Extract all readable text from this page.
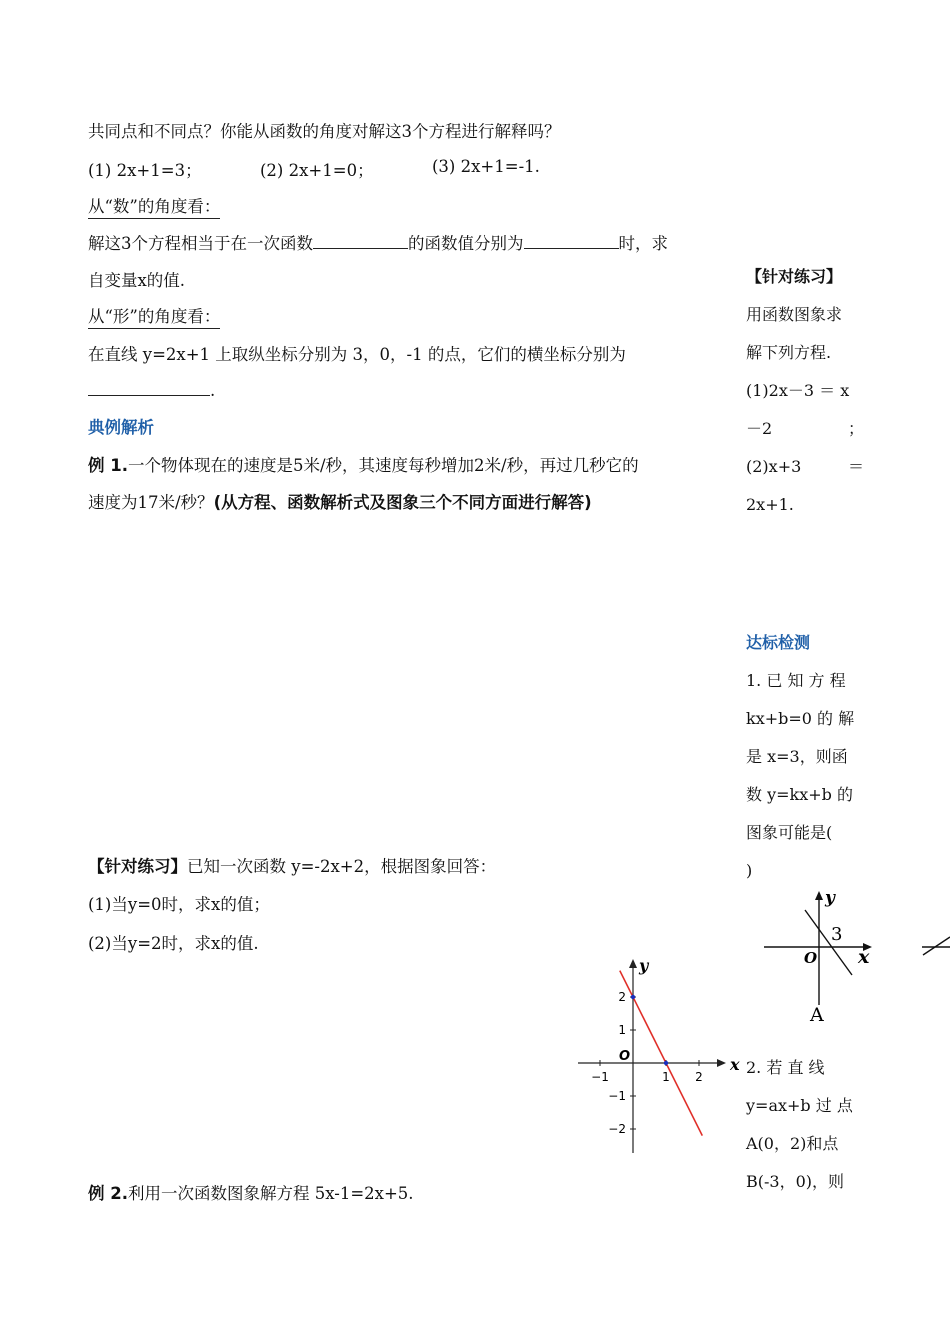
共同点和不同点？你能从函数的角度对解这3个方程进行解释吗？
(1) 2x+1=3；	(2) 2x+1=0；	(3) 2x+1=-1.
从“数”的角度看：
解这3个方程相当于在一次函数	的函数值分别为	时，求
自变量x的值.
从“形”的角度看：
在直线 y=2x+1 上取纵坐标分别为 3，0，-1 的点，它们的横坐标分别为
.
典例解析
例 1.一个物体现在的速度是5米/秒，其速度每秒增加2米/秒，再过几秒它的
速度为17米/秒？(从方程、函数解析式及图象三个不同方面进行解答)
【针对练习】已知一次函数 y=-2x+2，根据图象回答：
(1)当y=0时，求x的值；
(2)当y=2时，求x的值.
x
y
O
−1	1 2
2
1
−1
−2
例 2.利用一次函数图象解方程 5x-1=2x+5.
【针对练习】
用函数图象求
解下列方程.
(1)2x－3 ＝ x
－2	；
(2)x+3	＝
2x+1.
达标检测
1. 已 知 方 程
kx+b=0 的 解
是 x=3，则函
数 y=kx+b 的
图象可能是(
)
y
x
O
3
A
2. 若 直 线
y=ax+b 过 点
A(0，2)和点
B(-3，0)，则
